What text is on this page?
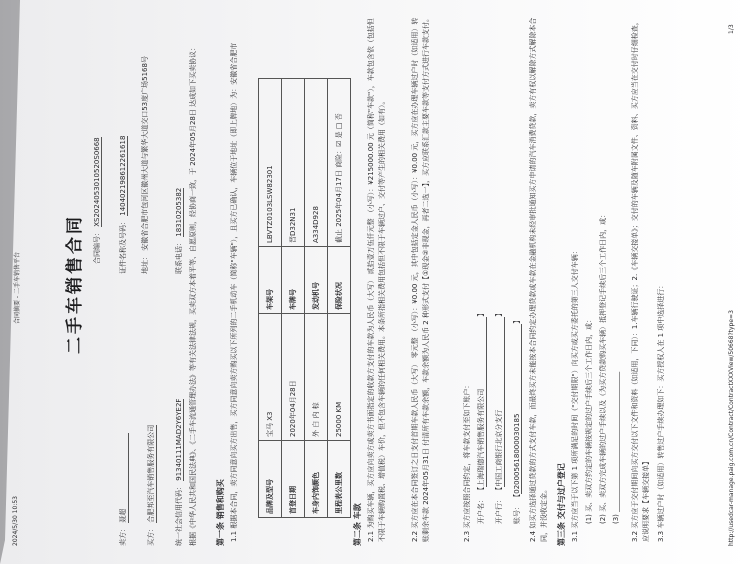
2024/5/30 10:53
合同摘要 - 二手车销售平台	二手车销售合同 合同编号： XS2024053010520S0668
卖方： 聂超
证件名称及号码： 14040219861226​1618
买方： 合肥邦至汽车销售服务有限公司
地址： 安徽省合肥市包河区徽州大道与繁华大道交口53度广场5168号
统一社会信用代码： 91340111MAD2Y6YE2F
联系电话： 18310205382 根据《中华人民共和国民法典》、《二手车流通管理办法》等有关法律法规，买卖双方本着平等、自愿原则，经协商一致，于 2024年05月28日 达成如下买卖协议： 第一条 销售和购买 1.1 根据本合同，卖方同意向买方出售，买方同意向卖方购买以下所列的二手机动车（简称"车辆"），且买方已确认，车辆位于地址（即上牌地）为：安徽省合肥市	品牌及型号	宝马 X3	车架号	LBVTZ0103LSW82301
首登日期	2020年04月28日	车牌号	晋D32N31
车身内饰颜色	外 白 内 棕	发动机号	A334D928
里程表公里数	25000 KM	保险状况	截止 2025年04月17日 商险：☑ 是 □ 否
第二条 车款 2.1 为购买车辆，买方应向卖方或卖方书面指定的收款方支付的车款为人民币（大写） 贰拾壹万伍仟元整 （小写）：¥215000.00 元（简称"车款"），车款包含依（包括但不限于车辆购置税、增值税）车价，但不包含车辆的任何相关费用。本条所指相关费用包括但不限于车辆过户、交付等产生的相关费用（如有）。	2.2 买方应在本合同签订之日支付首期车款人民币（大写） 零元整 （小写）：¥0.00 元，其中包括定金人民币（小写）：¥0.00 元，买方应在办理车辆过户时（如适用）转账剩余车款 2024年05月31日 付清所有车款余额，车款余额为人民币 2 种形式支付【①现金②非现金，再者二选一】，买方应联系汇款主要车款等支付方式进行车款支付。	2.3 买方应按照合同约定，将车款支付至如下账户： 开户名： 【上海瑞德汽车销售服务有限公司】
开户行： 【中国工商银行北京分支行】
账号： 【0200056180000301​85】 2.4 如买方选择通过贷款的方式支付车款，而最终买方未能按本合同约定办理贷款或车款在金融机构未经审批通知买方申请的汽车消费贷款，卖方有权以解除方式解除本合同，并没收定金。 第三条 交付与过户登记 3.1 买方应当于以下第 1 项所满足的时间（"交付期限"）向买方或买方委托的第三人交付车辆： (1) 买、卖双方约定的车辆按规定的过户手续后三个工作日内，或： (2) 买、卖双方完成车辆的过户手续以及（为买方贷款购买车辆）抵押登记手续后三个工作日内，或： (3) ________________________________________ 3.2 买方应于交付期间向买方交付以下文件和资料（如适用，下同）：1.车辆行驶证；2.《车辆交接单》；交付的车辆及随车附属文件、资料、买方应当在交付时仔细检查，应说明要求【车辆交接单】 3.3 车辆过户时（如适用）转售过户手续办理如下：买方授权人在 1 项中选择进行：	http://usedcar-manage.paig.com.cn/Contract/ContractXXXView/5066​8?type=3
1/3
